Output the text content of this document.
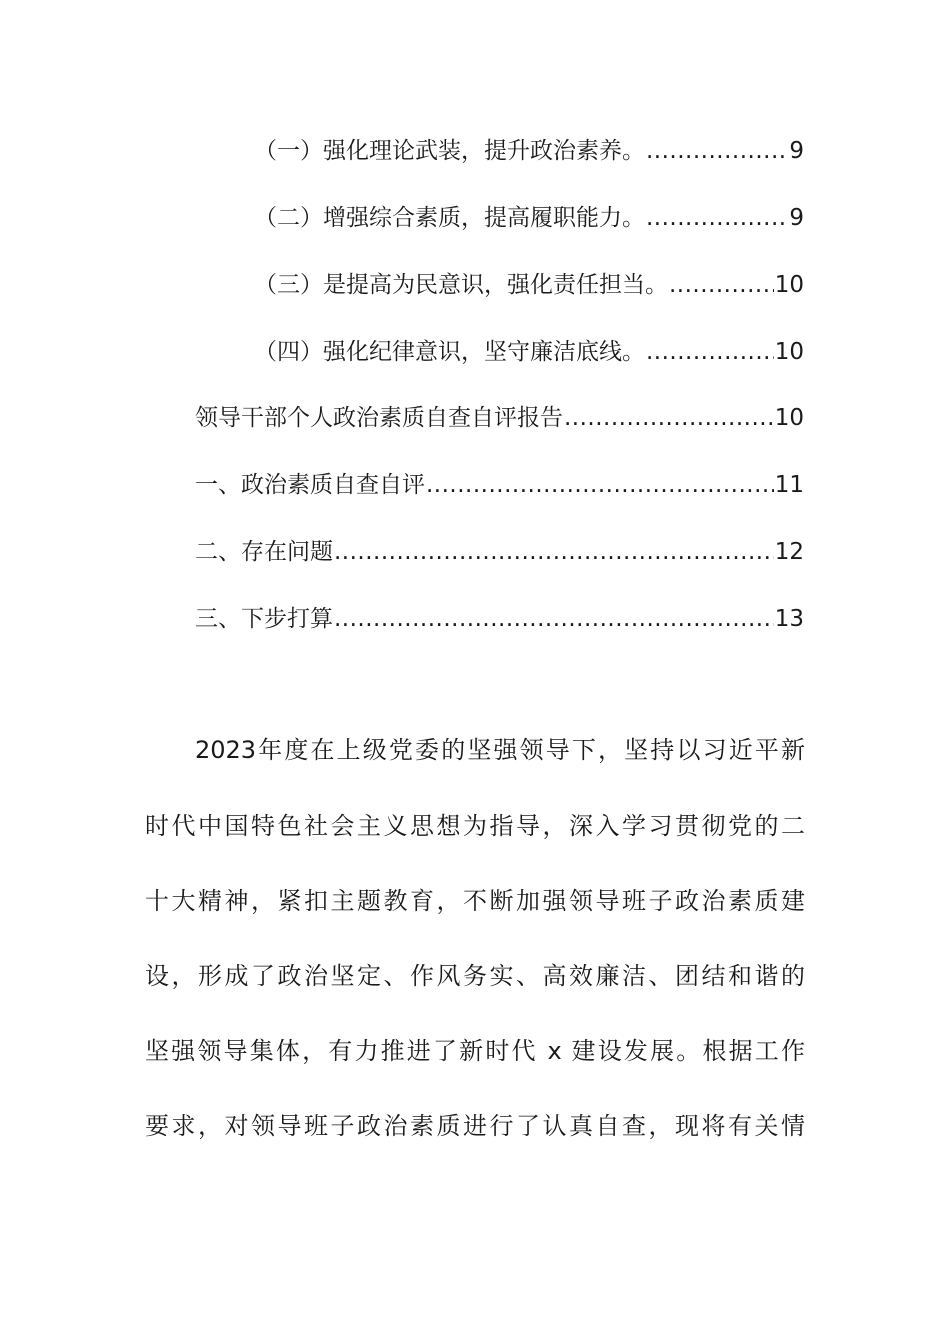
（一）强化理论武装，提升政治素养。 .....	9
（二）增强综合素质，提高履职能力。 .....	9
（三）是提高为民意识，强化责任担当。 .....	10
（四）强化纪律意识，坚守廉洁底线。 .....	10
领导干部个人政治素质自查自评报告 .....	10
一、政治素质自查自评 .....	11
二、存在问题 .....	12
三、下步打算 .....	13
2023年度在上级党委的坚强领导下，坚持以习近平新
时代中国特色社会主义思想为指导，深入学习贯彻党的二
十大精神，紧扣主题教育，不断加强领导班子政治素质建
设，形成了政治坚定、作风务实、高效廉洁、团结和谐的
坚强领导集体，有力推进了新时代 x 建设发展。根据工作
要求，对领导班子政治素质进行了认真自查，现将有关情
